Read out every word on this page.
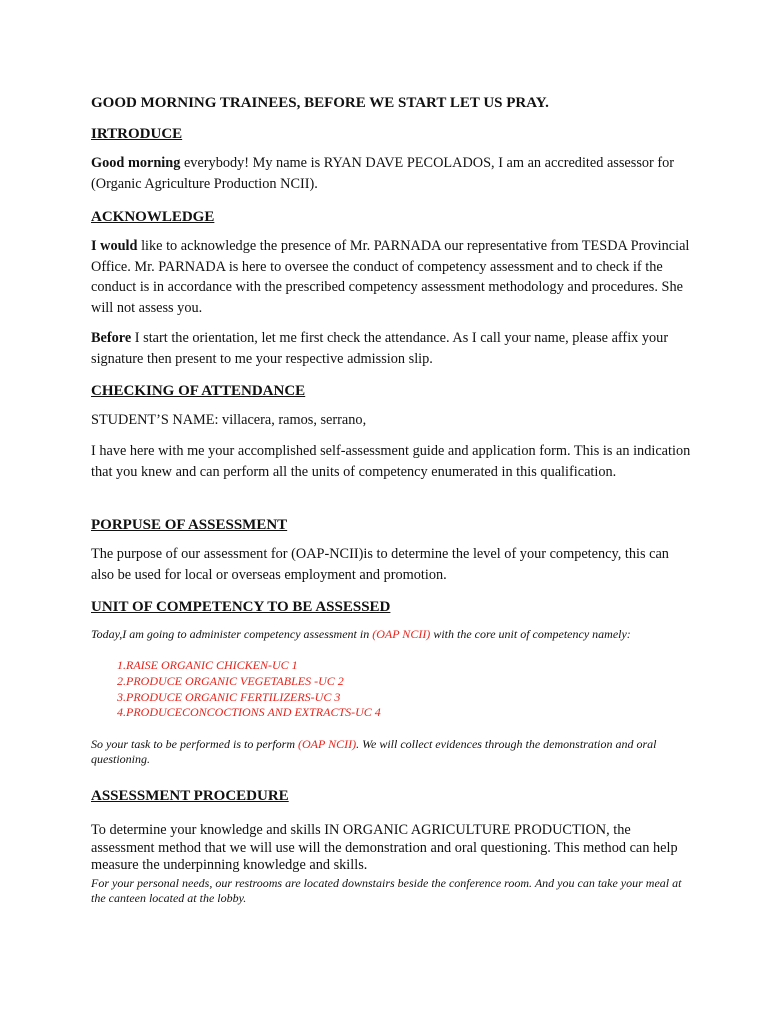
GOOD MORNING TRAINEES, BEFORE WE START LET US PRAY.

IRTRODUCE

Good morning everybody! My name is RYAN DAVE PECOLADOS, I am an accredited assessor for (Organic Agriculture Production NCII).

ACKNOWLEDGE

I would like to acknowledge the presence of Mr. PARNADA our representative from TESDA Provincial Office. Mr. PARNADA is here to oversee the conduct of competency assessment and to check if the conduct is in accordance with the prescribed competency assessment methodology and procedures. She will not assess you.

Before I start the orientation, let me first check the attendance. As I call your name, please affix your signature then present to me your respective admission slip.

CHECKING OF ATTENDANCE

STUDENT’S NAME: villacera, ramos, serrano,

I have here with me your accomplished self-assessment guide and application form. This is an indication that you knew and can perform all the units of competency enumerated in this qualification.

PORPUSE OF ASSESSMENT

The purpose of our assessment for (OAP-NCII)is to determine the level of your competency, this can also be used for local or overseas employment and promotion.

UNIT OF COMPETENCY TO BE ASSESSED

Today,I am going to administer competency assessment in (OAP NCII) with the core unit of competency namely:

1.RAISE ORGANIC CHICKEN-UC 1
2.PRODUCE ORGANIC VEGETABLES -UC 2
3.PRODUCE ORGANIC FERTILIZERS-UC 3
4.PRODUCECONCOCTIONS AND EXTRACTS-UC 4

So your task to be performed is to perform (OAP NCII). We will collect evidences through the demonstration and oral questioning.

ASSESSMENT PROCEDURE

To determine your knowledge and skills IN ORGANIC AGRICULTURE PRODUCTION, the assessment method that we will use will the demonstration and oral questioning. This method can help measure the underpinning knowledge and skills.

For your personal needs, our restrooms are located downstairs beside the conference room. And you can take your meal at the canteen located at the lobby.
